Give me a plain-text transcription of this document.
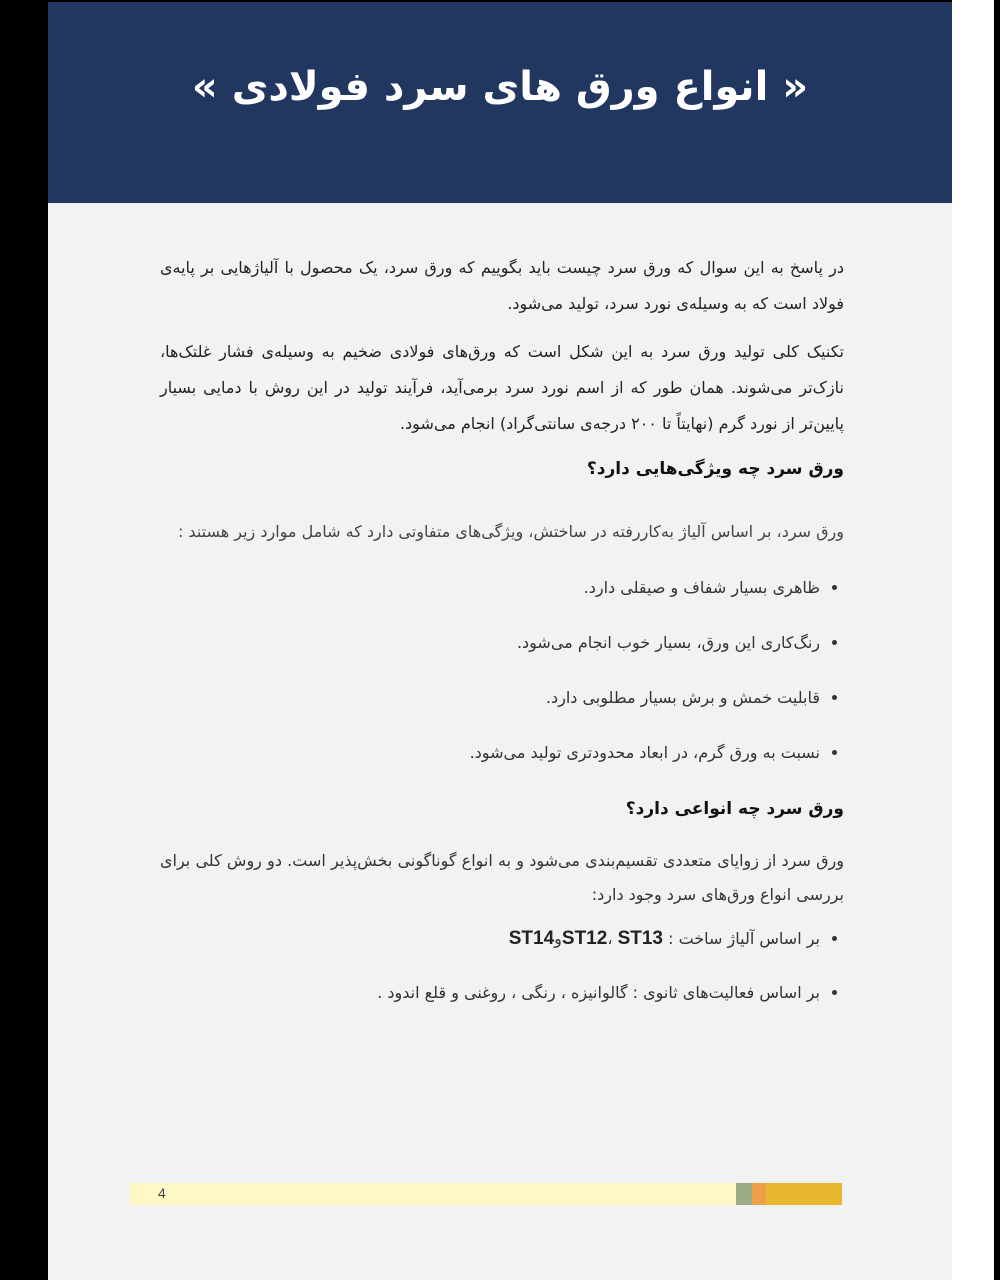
« انواع ورق های سرد فولادی »

در پاسخ به این سوال که ورق سرد چیست باید بگوییم که ورق سرد، یک محصول با آلیاژهایی بر پایه‌ی فولاد است که به وسیله‌ی نورد سرد، تولید می‌شود.

تکنیک کلی تولید ورق سرد به این شکل است که ورق‌های فولادی ضخیم به وسیله‌ی فشار غلتک‌ها، نازک‌تر می‌شوند. همان طور که از اسم نورد سرد برمی‌آید، فرآیند تولید در این روش با دمایی بسیار پایین‌تر از نورد گرم (نهایتاً تا ۲۰۰ درجه‌ی سانتی‌گراد) انجام می‌شود.

ورق سرد چه ویژگی‌هایی دارد؟

ورق سرد، بر اساس آلیاژ به‌کاررفته در ساختش، ویژگی‌های متفاوتی دارد که شامل موارد زیر هستند :

• ظاهری بسیار شفاف و صیقلی دارد.
• رنگ‌کاری این ورق، بسیار خوب انجام می‌شود.
• قابلیت خمش و برش بسیار مطلوبی دارد.
• نسبت به ورق گرم، در ابعاد محدودتری تولید می‌شود.
ورق سرد چه انواعی دارد؟

ورق سرد از زوایای متعددی تقسیم‌بندی می‌شود و به انواع گوناگونی بخش‌پذیر است. دو روش کلی برای بررسی انواع ورق‌های سرد وجود دارد:

• بر اساس آلیاژ ساخت : ST12، ST13وST14
• بر اساس فعالیت‌های ثانوی : گالوانیزه ، رنگی ، روغنی و قلع اندود .
4
